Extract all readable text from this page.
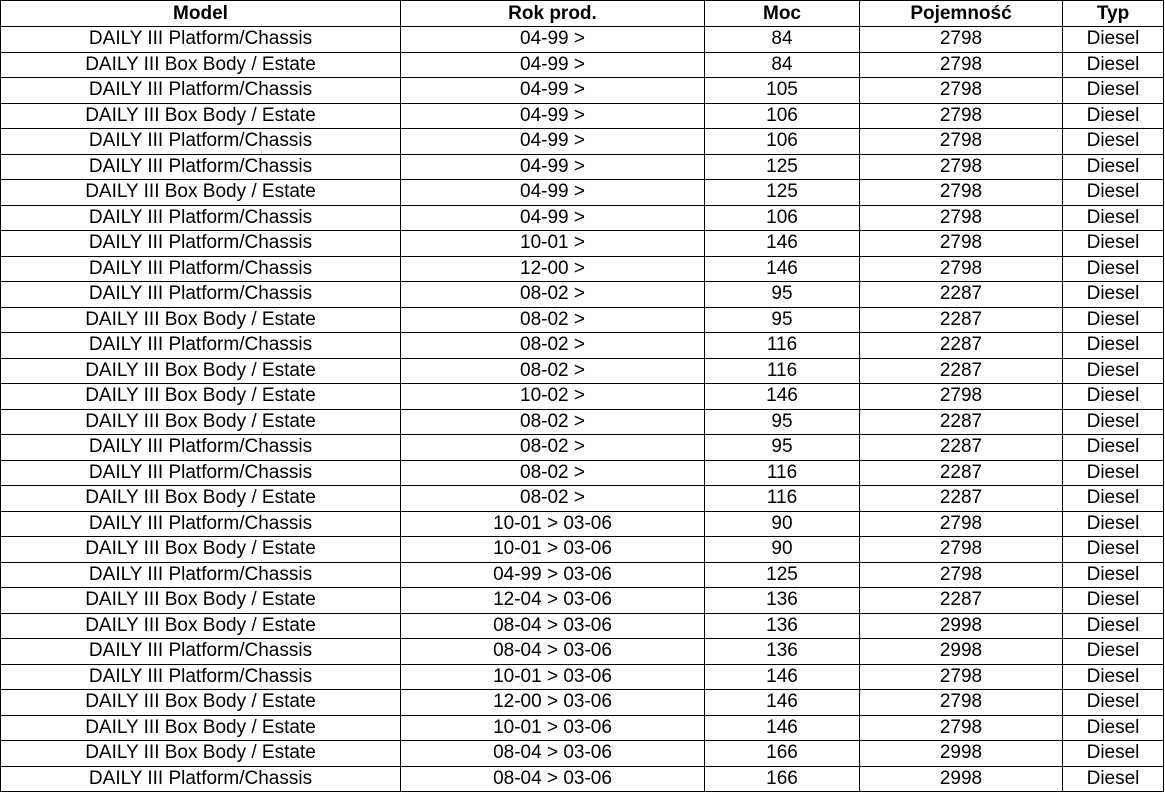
Model	Rok prod.	Moc	Pojemność	Typ
DAILY III Platform/Chassis	04-99 >	84	2798	Diesel
DAILY III Box Body / Estate	04-99 >	84	2798	Diesel
DAILY III Platform/Chassis	04-99 >	105	2798	Diesel
DAILY III Box Body / Estate	04-99 >	106	2798	Diesel
DAILY III Platform/Chassis	04-99 >	106	2798	Diesel
DAILY III Platform/Chassis	04-99 >	125	2798	Diesel
DAILY III Box Body / Estate	04-99 >	125	2798	Diesel
DAILY III Platform/Chassis	04-99 >	106	2798	Diesel
DAILY III Platform/Chassis	10-01 >	146	2798	Diesel
DAILY III Platform/Chassis	12-00 >	146	2798	Diesel
DAILY III Platform/Chassis	08-02 >	95	2287	Diesel
DAILY III Box Body / Estate	08-02 >	95	2287	Diesel
DAILY III Platform/Chassis	08-02 >	116	2287	Diesel
DAILY III Box Body / Estate	08-02 >	116	2287	Diesel
DAILY III Box Body / Estate	10-02 >	146	2798	Diesel
DAILY III Box Body / Estate	08-02 >	95	2287	Diesel
DAILY III Platform/Chassis	08-02 >	95	2287	Diesel
DAILY III Platform/Chassis	08-02 >	116	2287	Diesel
DAILY III Box Body / Estate	08-02 >	116	2287	Diesel
DAILY III Platform/Chassis	10-01 > 03-06	90	2798	Diesel
DAILY III Box Body / Estate	10-01 > 03-06	90	2798	Diesel
DAILY III Platform/Chassis	04-99 > 03-06	125	2798	Diesel
DAILY III Box Body / Estate	12-04 > 03-06	136	2287	Diesel
DAILY III Box Body / Estate	08-04 > 03-06	136	2998	Diesel
DAILY III Platform/Chassis	08-04 > 03-06	136	2998	Diesel
DAILY III Platform/Chassis	10-01 > 03-06	146	2798	Diesel
DAILY III Box Body / Estate	12-00 > 03-06	146	2798	Diesel
DAILY III Box Body / Estate	10-01 > 03-06	146	2798	Diesel
DAILY III Box Body / Estate	08-04 > 03-06	166	2998	Diesel
DAILY III Platform/Chassis	08-04 > 03-06	166	2998	Diesel
